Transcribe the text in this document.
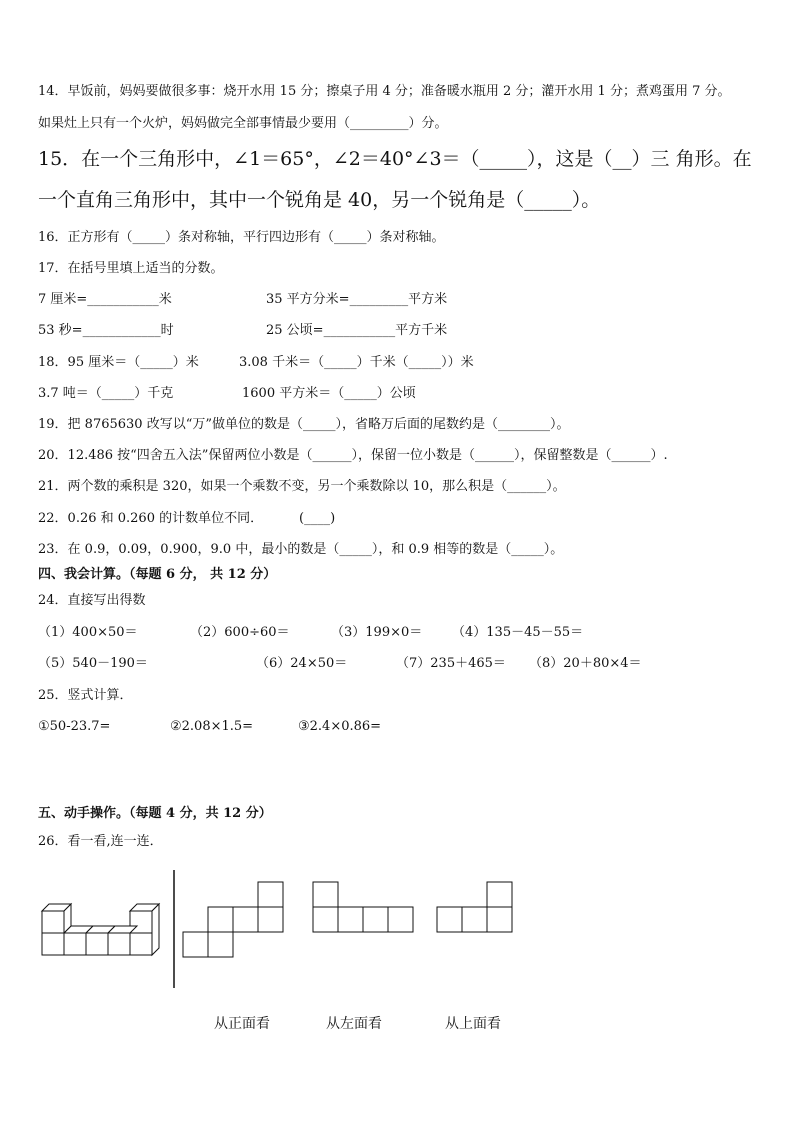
14．早饭前，妈妈要做很多事：烧开水用 15 分；擦桌子用 4 分；准备暖水瓶用 2 分；灌开水用 1 分；煮鸡蛋用 7 分。
如果灶上只有一个火炉，妈妈做完全部事情最少要用（_________）分。
15．在一个三角形中，∠1＝65°，∠2＝40°∠3＝（_____），这是（__）三 角形。在
一个直角三角形中，其中一个锐角是 40，另一个锐角是（_____）。
16．正方形有（_____）条对称轴，平行四边形有（_____）条对称轴。
17．在括号里填上适当的分数。
7 厘米=___________米	35 平方分米=_________平方米
53 秒=____________时	25 公顷=___________平方千米
18．95 厘米＝（_____）米	3.08 千米＝（_____）千米（_____））米
3.7 吨＝（_____）千克	1600 平方米＝（_____）公顷
19．把 8765630 改写以“万”做单位的数是（_____），省略万后面的尾数约是（________）。
20．12.486 按“四舍五入法”保留两位小数是（______），保留一位小数是（______），保留整数是（______）.
21．两个数的乘积是 320，如果一个乘数不变，另一个乘数除以 10，那么积是（______）。
22．0.26 和 0.260 的计数单位不同．	(____)
23．在 0.9，0.09，0.900，9.0 中，最小的数是（_____），和 0.9 相等的数是（_____）。
四、我会计算。（每题 6 分， 共 12 分）
24．直接写出得数
（1）400×50＝	（2）600÷60＝	（3）199×0＝ （4）135－45－55＝
（5）540－190＝	（6）24×50＝	（7）235＋465＝ （8）20＋80×4＝
25．竖式计算．
①50-23.7=	②2.08×1.5=	③2.4×0.86=
五、动手操作。（每题 4 分，共 12 分）
26．看一看,连一连．
从正面看	从左面看	从上面看
